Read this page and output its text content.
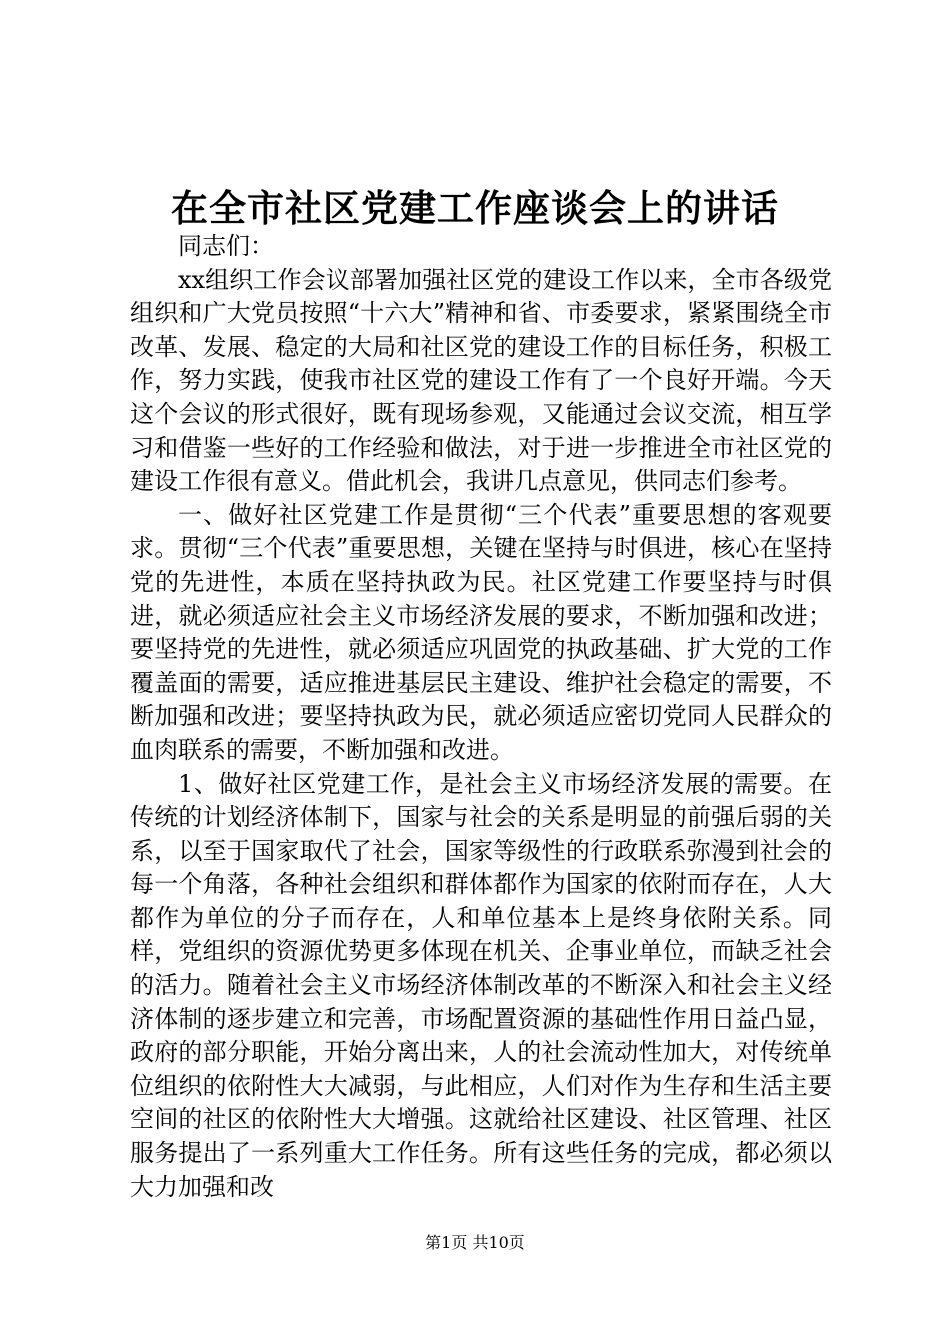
在全市社区党建工作座谈会上的讲话

同志们：

xx组织工作会议部署加强社区党的建设工作以来，全市各级党组织和广大党员按照“十六大”精神和省、市委要求，紧紧围绕全市改革、发展、稳定的大局和社区党的建设工作的目标任务，积极工作，努力实践，使我市社区党的建设工作有了一个良好开端。今天这个会议的形式很好，既有现场参观，又能通过会议交流，相互学习和借鉴一些好的工作经验和做法，对于进一步推进全市社区党的建设工作很有意义。借此机会，我讲几点意见，供同志们参考。

一、做好社区党建工作是贯彻“三个代表”重要思想的客观要求。贯彻“三个代表”重要思想，关键在坚持与时俱进，核心在坚持党的先进性，本质在坚持执政为民。社区党建工作要坚持与时俱进，就必须适应社会主义市场经济发展的要求，不断加强和改进；要坚持党的先进性，就必须适应巩固党的执政基础、扩大党的工作覆盖面的需要，适应推进基层民主建设、维护社会稳定的需要，不断加强和改进；要坚持执政为民，就必须适应密切党同人民群众的血肉联系的需要，不断加强和改进。

1、做好社区党建工作，是社会主义市场经济发展的需要。在传统的计划经济体制下，国家与社会的关系是明显的前强后弱的关系，以至于国家取代了社会，国家等级性的行政联系弥漫到社会的每一个角落，各种社会组织和群体都作为国家的依附而存在，人大都作为单位的分子而存在，人和单位基本上是终身依附关系。同样，党组织的资源优势更多体现在机关、企事业单位，而缺乏社会的活力。随着社会主义市场经济体制改革的不断深入和社会主义经济体制的逐步建立和完善，市场配置资源的基础性作用日益凸显，政府的部分职能，开始分离出来，人的社会流动性加大，对传统单位组织的依附性大大减弱，与此相应，人们对作为生存和生活主要空间的社区的依附性大大增强。这就给社区建设、社区管理、社区服务提出了一系列重大工作任务。所有这些任务的完成，都必须以大力加强和改

第1页 共10页
